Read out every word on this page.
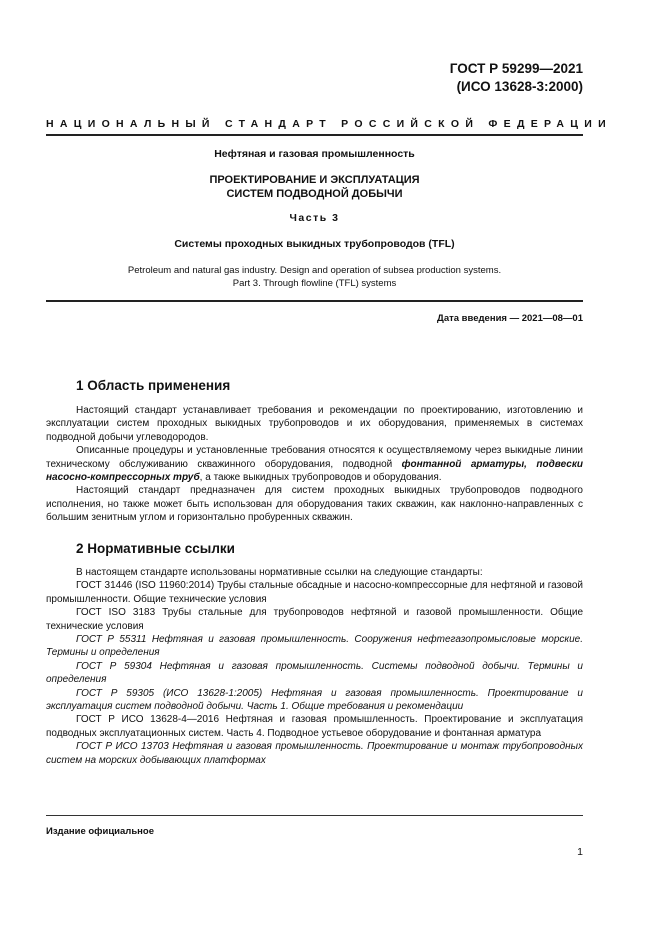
ГОСТ Р 59299—2021
(ИСО 13628-3:2000)
НАЦИОНАЛЬНЫЙ СТАНДАРТ РОССИЙСКОЙ ФЕДЕРАЦИИ
Нефтяная и газовая промышленность
ПРОЕКТИРОВАНИЕ И ЭКСПЛУАТАЦИЯ
СИСТЕМ ПОДВОДНОЙ ДОБЫЧИ
Часть 3
Системы проходных выкидных трубопроводов (TFL)
Petroleum and natural gas industry. Design and operation of subsea production systems.
Part 3. Through flowline (TFL) systems
Дата введения — 2021—08—01
1 Область применения

Настоящий стандарт устанавливает требования и рекомендации по проектированию, изготовлению и эксплуатации систем проходных выкидных трубопроводов и их оборудования, применяемых в системах подводной добычи углеводородов.

Описанные процедуры и установленные требования относятся к осуществляемому через выкидные линии техническому обслуживанию скважинного оборудования, подводной фонтанной арматуры, подвески насосно-компрессорных труб, а также выкидных трубопроводов и оборудования.

Настоящий стандарт предназначен для систем проходных выкидных трубопроводов подводного исполнения, но также может быть использован для оборудования таких скважин, как наклонно-направленных с большим зенитным углом и горизонтально пробуренных скважин.

2 Нормативные ссылки

В настоящем стандарте использованы нормативные ссылки на следующие стандарты:

ГОСТ 31446 (ISO 11960:2014) Трубы стальные обсадные и насосно-компрессорные для нефтяной и газовой промышленности. Общие технические условия

ГОСТ ISO 3183 Трубы стальные для трубопроводов нефтяной и газовой промышленности. Общие технические условия

ГОСТ Р 55311 Нефтяная и газовая промышленность. Сооружения нефтегазопромысловые морские. Термины и определения

ГОСТ Р 59304 Нефтяная и газовая промышленность. Системы подводной добычи. Термины и определения

ГОСТ Р 59305 (ИСО 13628-1:2005) Нефтяная и газовая промышленность. Проектирование и эксплуатация систем подводной добычи. Часть 1. Общие требования и рекомендации

ГОСТ Р ИСО 13628-4—2016 Нефтяная и газовая промышленность. Проектирование и эксплуатация подводных эксплуатационных систем. Часть 4. Подводное устьевое оборудование и фонтанная арматура

ГОСТ Р ИСО 13703 Нефтяная и газовая промышленность. Проектирование и монтаж трубопроводных систем на морских добывающих платформах

Издание официальное
1
